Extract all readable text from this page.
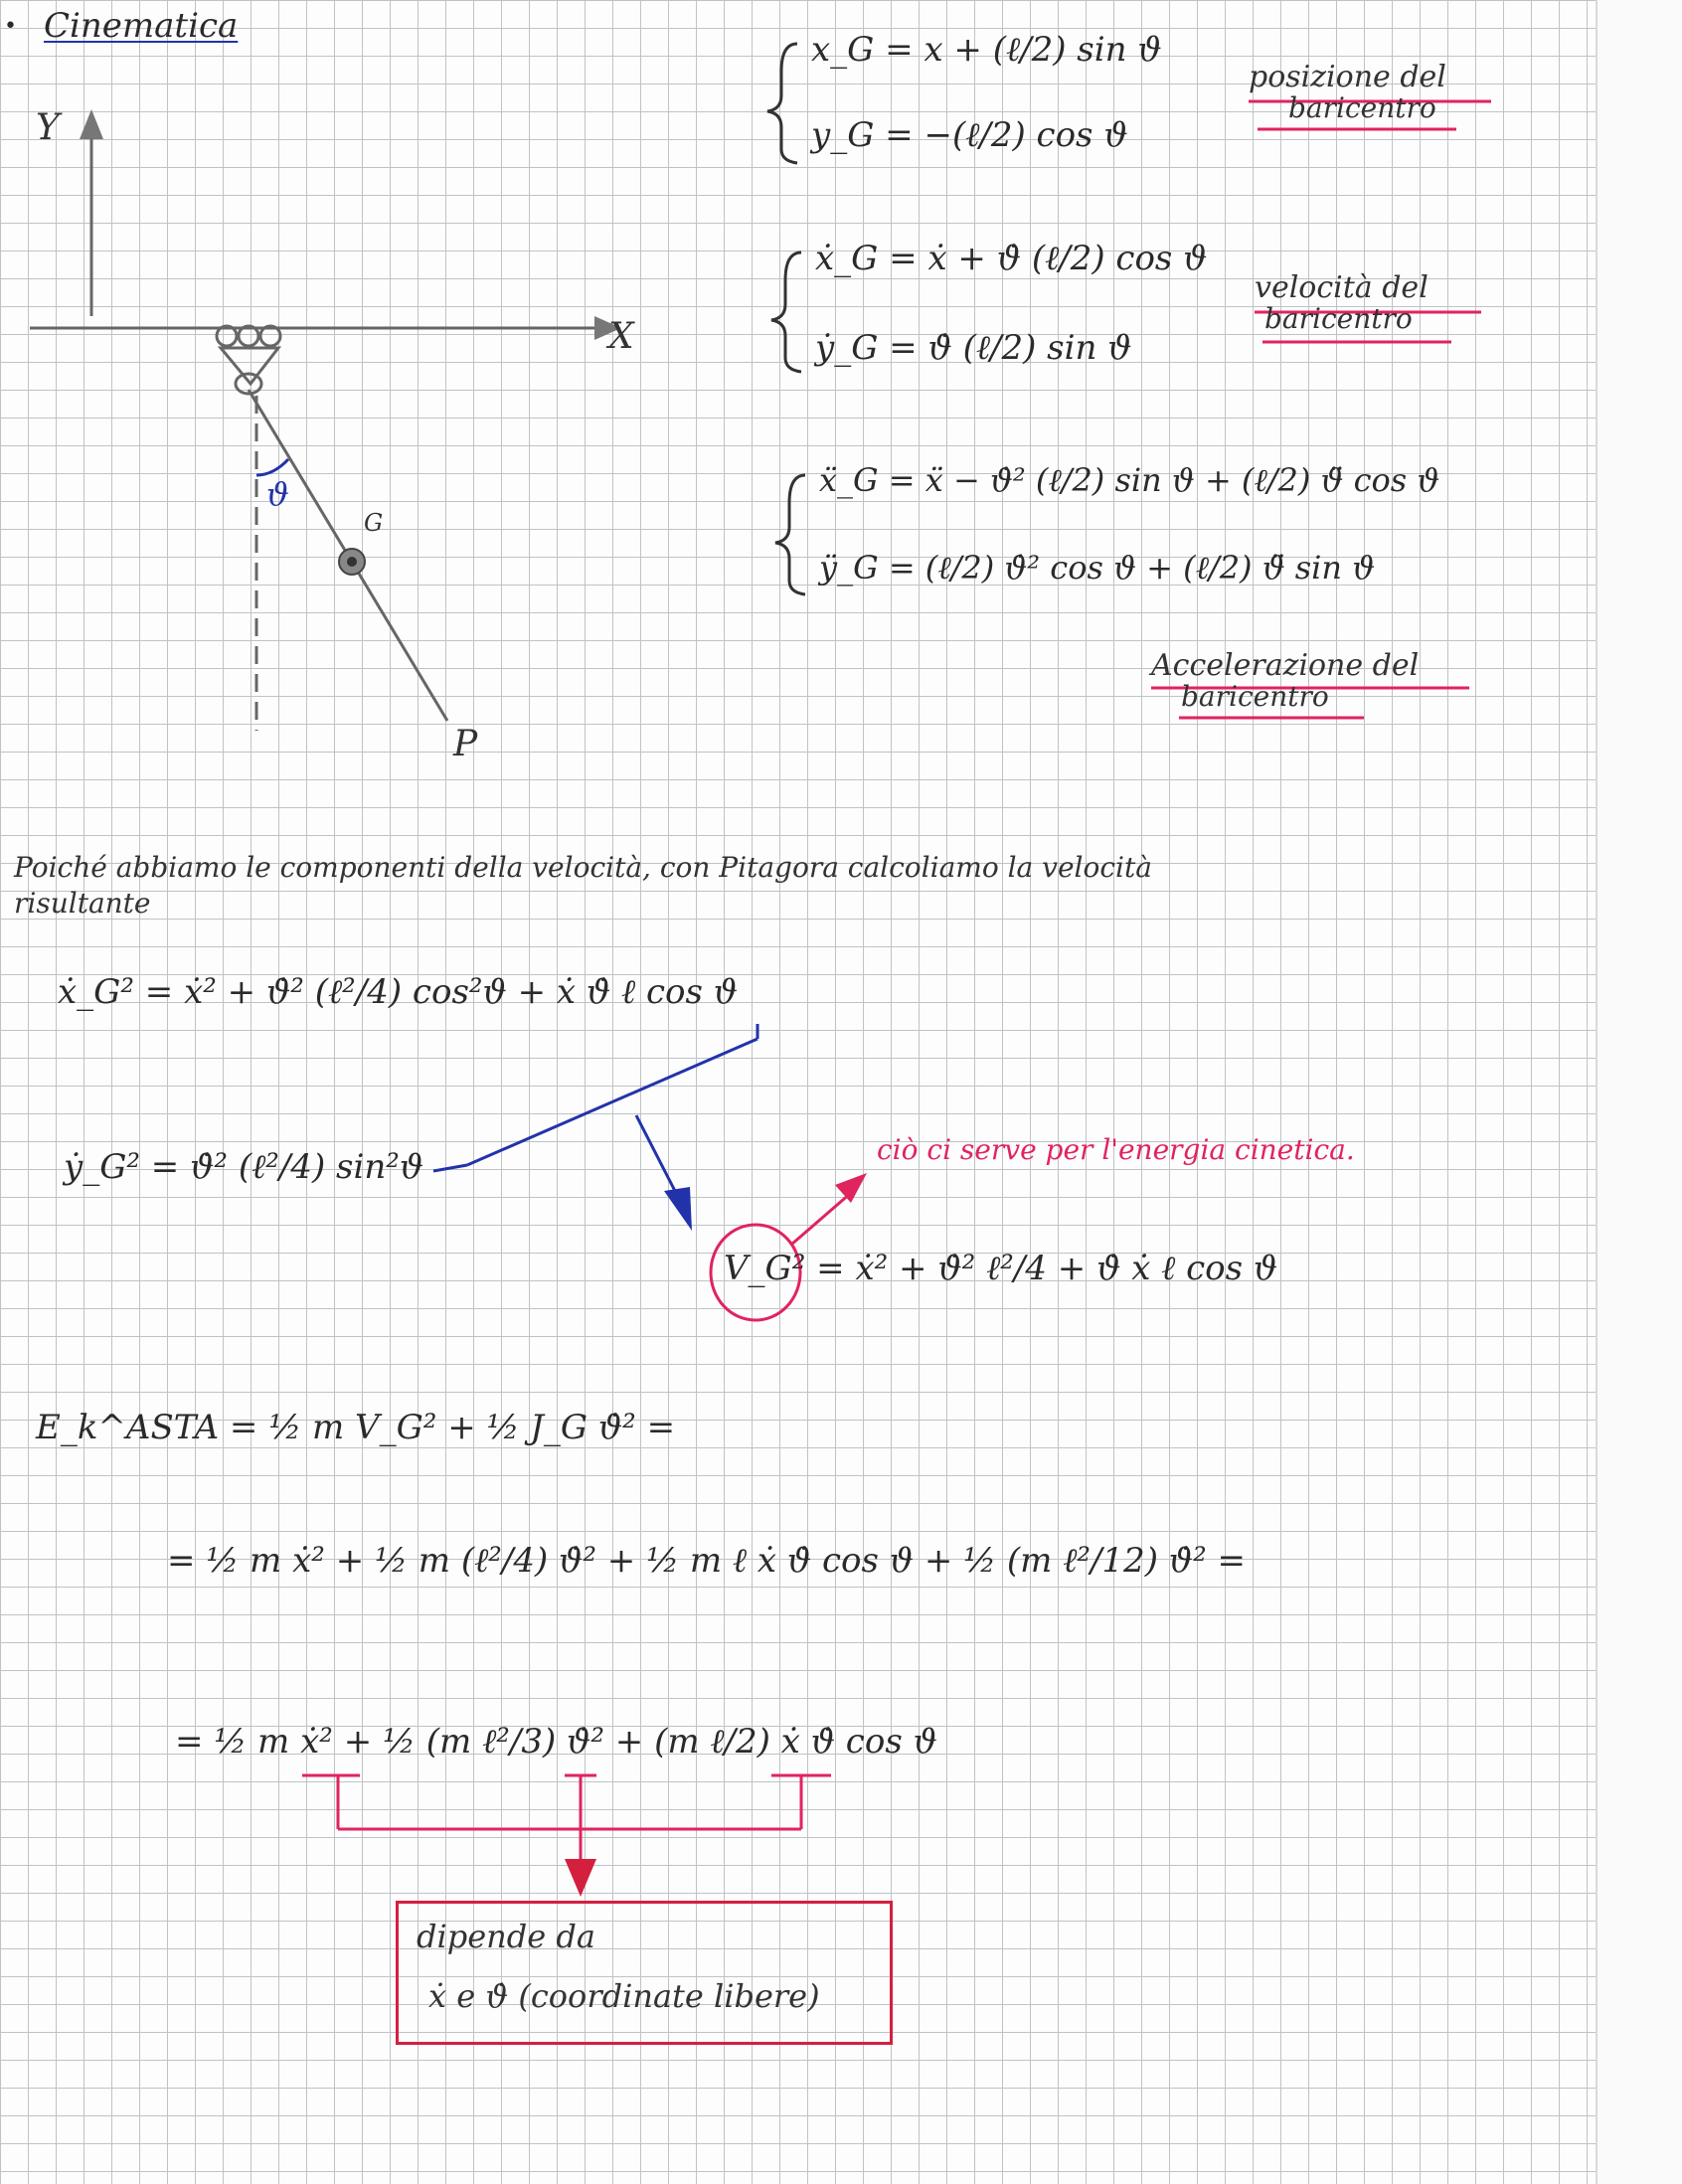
• Cinematica
Y
X
ϑ
G
P
x_G = x + (ℓ/2) sin ϑ
y_G = −(ℓ/2) cos ϑ
posizione del
baricentro
ẋ_G = ẋ + ϑ̇ (ℓ/2) cos ϑ
ẏ_G = ϑ̇ (ℓ/2) sin ϑ
velocità del
baricentro
ẍ_G = ẍ − ϑ̇² (ℓ/2) sin ϑ + (ℓ/2) ϑ̈ cos ϑ
ÿ_G = (ℓ/2) ϑ̇² cos ϑ + (ℓ/2) ϑ̈ sin ϑ
Accelerazione del
baricentro
Poiché abbiamo le componenti della velocità, con Pitagora calcoliamo la velocità
risultante
ẋ_G² = ẋ² + ϑ̇² (ℓ²/4) cos²ϑ + ẋ ϑ̇ ℓ cos ϑ
ẏ_G² = ϑ̇² (ℓ²/4) sin²ϑ	ciò ci serve per l'energia cinetica.
V_G² = ẋ² + ϑ̇² ℓ²/4 + ϑ̇ ẋ ℓ cos ϑ
E_k^ASTA = ½ m V_G² + ½ J_G ϑ̇² =
= ½ m ẋ² + ½ m (ℓ²/4) ϑ̇² + ½ m ℓ ẋ ϑ̇ cos ϑ + ½ (m ℓ²/12) ϑ̇² =
= ½ m ẋ² + ½ (m ℓ²/3) ϑ̇² + (m ℓ/2) ẋ ϑ̇ cos ϑ
dipende da
ẋ e ϑ̇ (coordinate libere)
